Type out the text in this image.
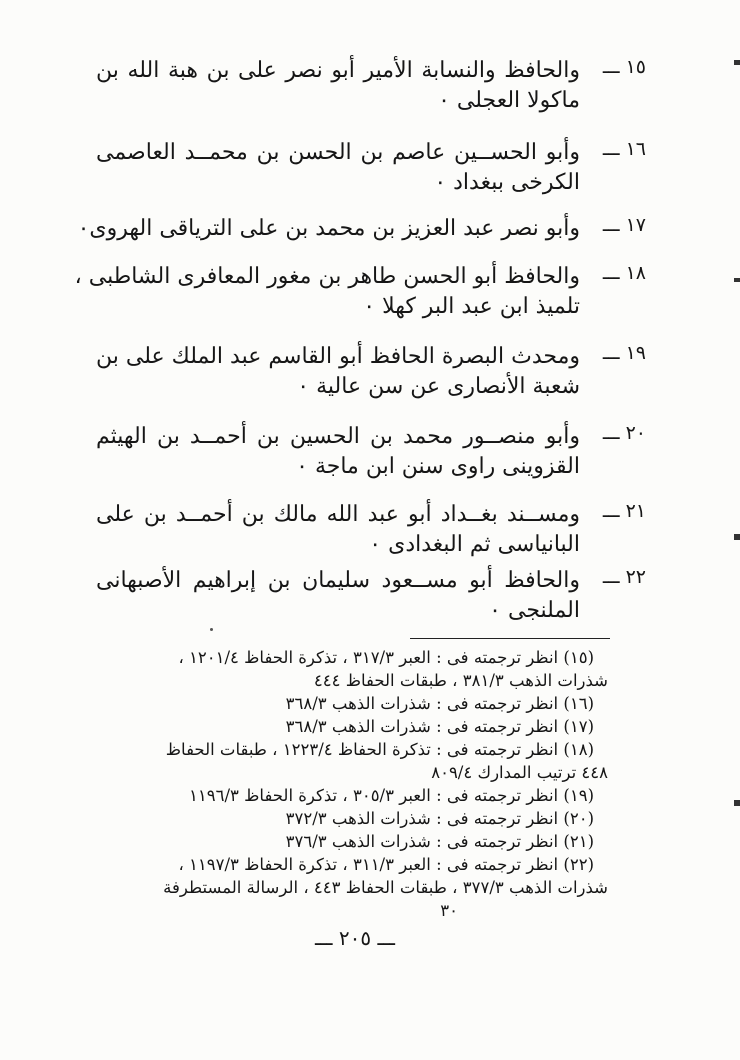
١٥ ـــ
والحافظ والنسابة الأمير أبو نصر على بن هبة الله بن
ماكولا العجلى ٠
١٦ ـــ
وأبو الحســين عاصم بن الحسن بن محمــد العاصمى
الكرخى ببغداد ٠
١٧ ـــ
وأبو نصر عبد العزيز بن محمد بن على الترياقى الهروى٠
١٨ ـــ
والحافظ أبو الحسن طاهر بن مغور المعافرى الشاطبى ،
تلميذ ابن عبد البر كهلا ٠
١٩ ـــ
ومحدث البصرة الحافظ أبو القاسم عبد الملك على بن
شعبة الأنصارى عن سن عالية ٠
٢٠ ـــ
وأبو منصــور محمد بن الحسين بن أحمــد بن الهيثم
القزوينى راوى سنن ابن ماجة ٠
٢١ ـــ
ومســند بغــداد أبو عبد الله مالك بن أحمــد بن على
البانياسى ثم البغدادى ٠
٢٢ ـــ
والحافظ أبو مســعود سليمان بن إبراهيم الأصبهانى
الملنجى ٠
(١٥) انظر ترجمته فى : العبر ٣١٧/٣ ، تذكرة الحفاظ ١٢٠١/٤ ،
شذرات الذهب ٣٨١/٣ ، طبقات الحفاظ ٤٤٤
(١٦) انظر ترجمته فى : شذرات الذهب ٣٦٨/٣
(١٧) انظر ترجمته فى : شذرات الذهب ٣٦٨/٣
(١٨) انظر ترجمته فى : تذكرة الحفاظ ١٢٢٣/٤ ، طبقات الحفاظ
٤٤٨ ترتيب المدارك ٨٠٩/٤
(١٩) انظر ترجمته فى : العبر ٣٠٥/٣ ، تذكرة الحفاظ ١١٩٦/٣
(٢٠) انظر ترجمته فى : شذرات الذهب ٣٧٢/٣
(٢١) انظر ترجمته فى : شذرات الذهب ٣٧٦/٣
(٢٢) انظر ترجمته فى : العبر ٣١١/٣ ، تذكرة الحفاظ ١١٩٧/٣ ،
شذرات الذهب ٣٧٧/٣ ، طبقات الحفاظ ٤٤٣ ، الرسالة المستطرفة
٣٠
ـــ ٢٠٥ ـــ
